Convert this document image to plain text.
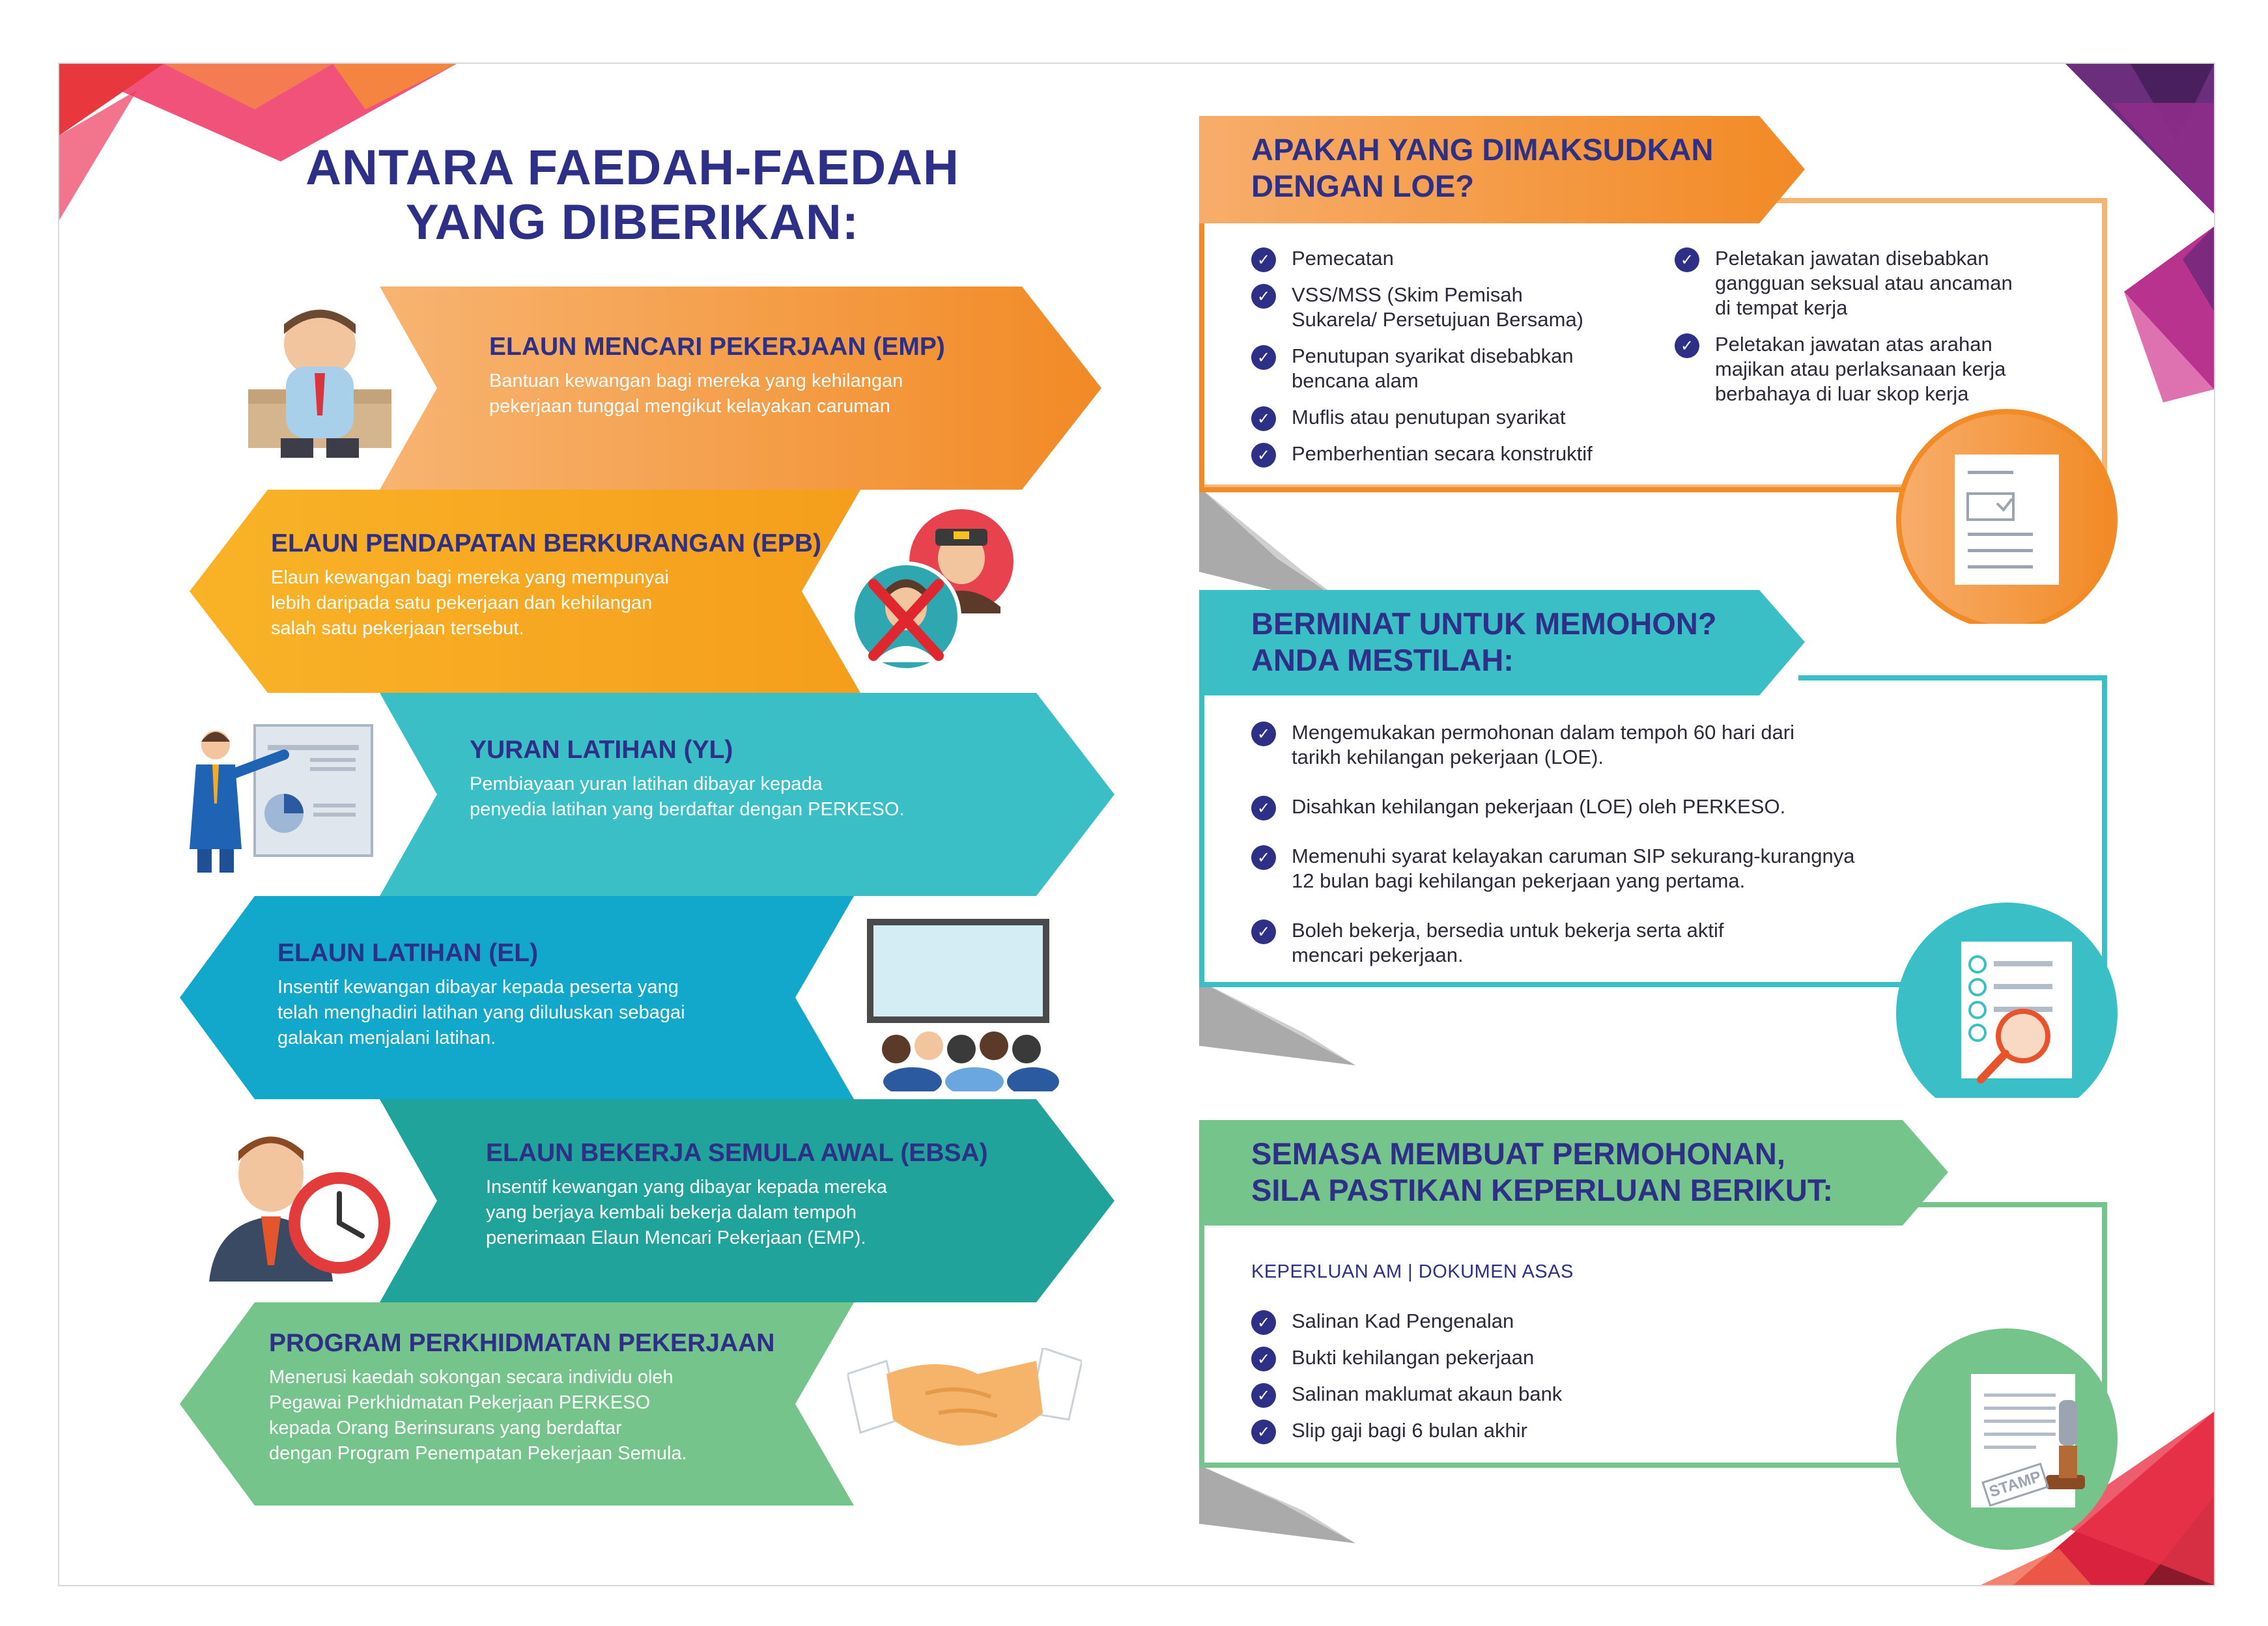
ANTARA FAEDAH-FAEDAH
YANG DIBERIKAN:

ELAUN MENCARI PEKERJAAN (EMP)

Bantuan kewangan bagi mereka yang kehilangan
pekerjaan tunggal mengikut kelayakan caruman

ELAUN PENDAPATAN BERKURANGAN (EPB)

Elaun kewangan bagi mereka yang mempunyai
lebih daripada satu pekerjaan dan kehilangan
salah satu pekerjaan tersebut.

YURAN LATIHAN (YL)

Pembiayaan yuran latihan dibayar kepada
penyedia latihan yang berdaftar dengan PERKESO.

ELAUN LATIHAN (EL)

Insentif kewangan dibayar kepada peserta yang
telah menghadiri latihan yang diluluskan sebagai
galakan menjalani latihan.

ELAUN BEKERJA SEMULA AWAL (EBSA)

Insentif kewangan yang dibayar kepada mereka
yang berjaya kembali bekerja dalam tempoh
penerimaan Elaun Mencari Pekerjaan (EMP).

PROGRAM PERKHIDMATAN PEKERJAAN

Menerusi kaedah sokongan secara individu oleh
Pegawai Perkhidmatan Pekerjaan PERKESO
kepada Orang Berinsurans yang berdaftar
dengan Program Penempatan Pekerjaan Semula.

APAKAH YANG DIMAKSUDKAN
DENGAN LOE?
✓ Pemecatan
✓ VSS/MSS (Skim Pemisah
Sukarela/ Persetujuan Bersama)
✓ Penutupan syarikat disebabkan
bencana alam
✓ Muflis atau penutupan syarikat
✓ Pemberhentian secara konstruktif
✓ Peletakan jawatan disebabkan
gangguan seksual atau ancaman
di tempat kerja
✓ Peletakan jawatan atas arahan
majikan atau perlaksanaan kerja
berbahaya di luar skop kerja
BERMINAT UNTUK MEMOHON?
ANDA MESTILAH:
✓ Mengemukakan permohonan dalam tempoh 60 hari dari
tarikh kehilangan pekerjaan (LOE).
✓ Disahkan kehilangan pekerjaan (LOE) oleh PERKESO.
✓ Memenuhi syarat kelayakan caruman SIP sekurang-kurangnya
12 bulan bagi kehilangan pekerjaan yang pertama.
✓ Boleh bekerja, bersedia untuk bekerja serta aktif
mencari pekerjaan.
STAMP
SEMASA MEMBUAT PERMOHONAN,
SILA PASTIKAN KEPERLUAN BERIKUT:

KEPERLUAN AM | DOKUMEN ASAS

✓ Salinan Kad Pengenalan
✓ Bukti kehilangan pekerjaan
✓ Salinan maklumat akaun bank
✓ Slip gaji bagi 6 bulan akhir
